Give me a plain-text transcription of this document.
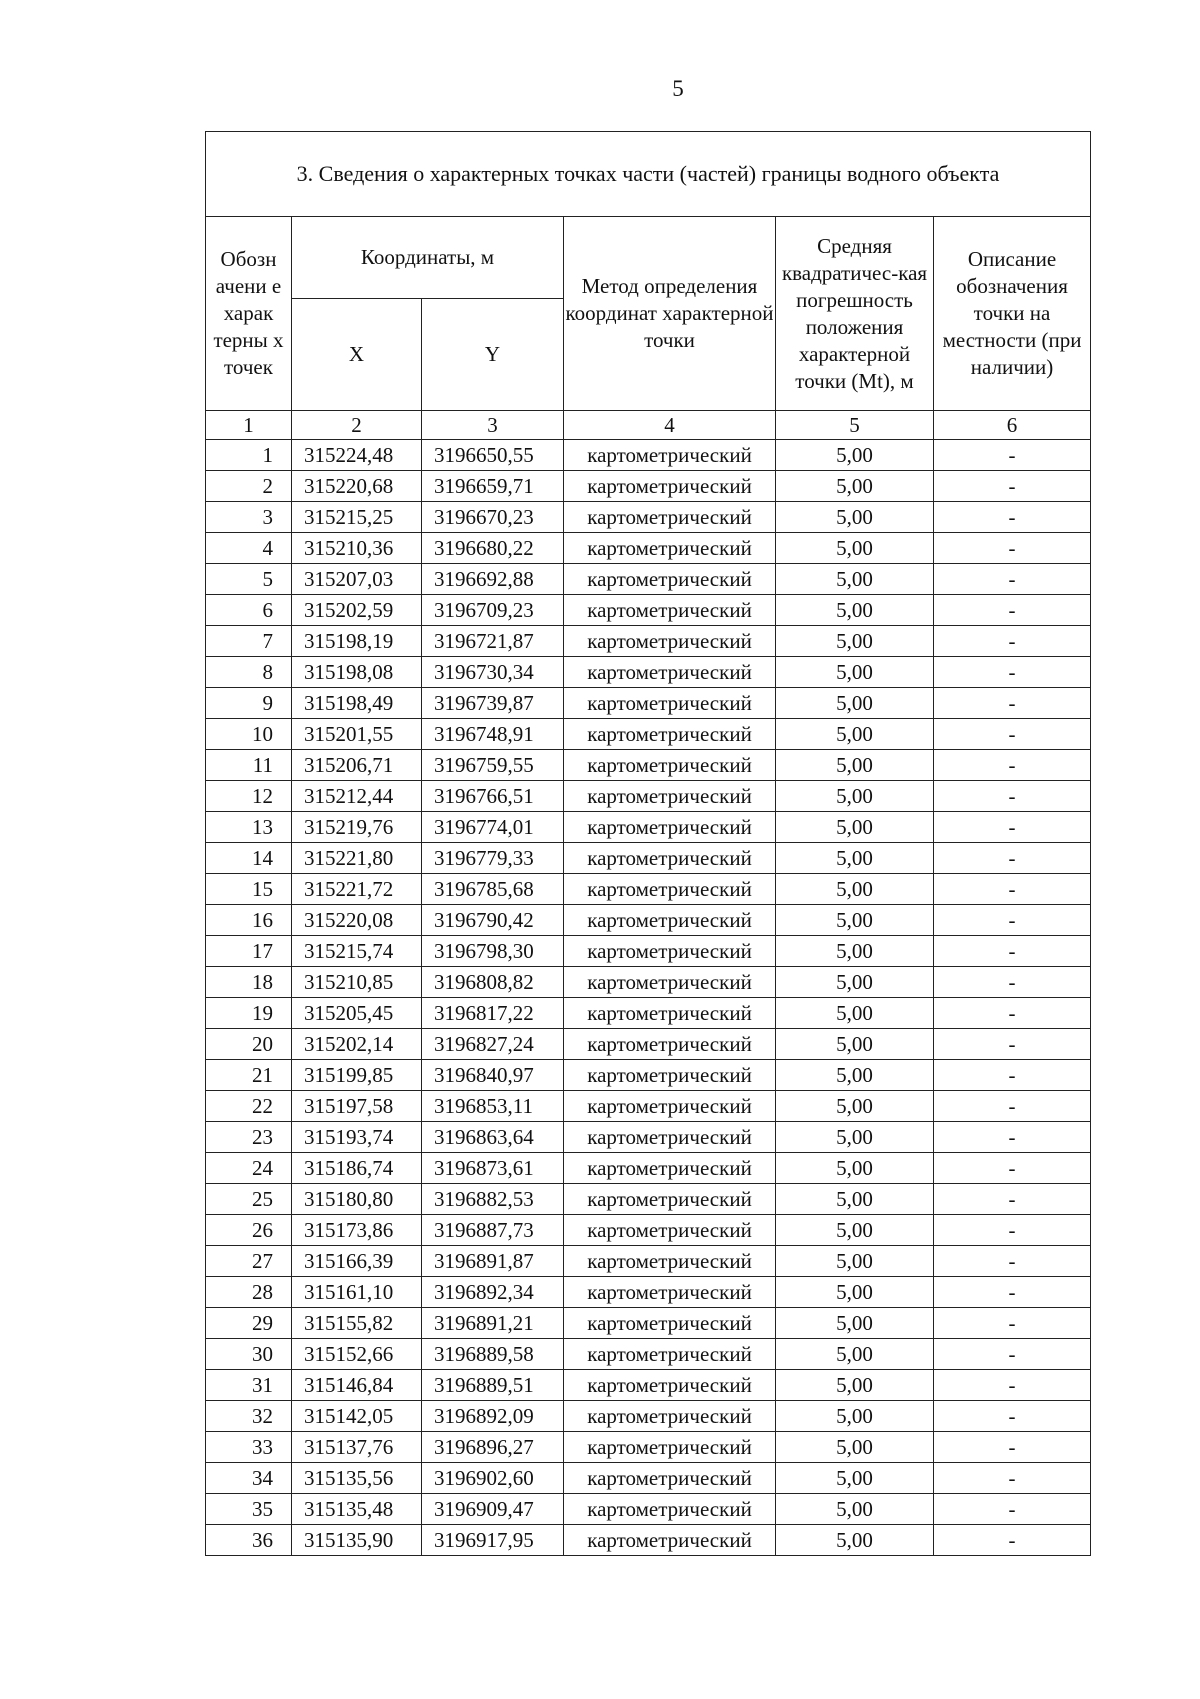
5
3. Сведения о характерных точках части (частей) границы водного объекта					
Обозн ачени е харак терны х точек	Координаты, м		Метод определения координат характерной точки	Средняя квадратичес-кая погрешность положения характерной точки (Mt), м	Описание обозначения точки на местности (при наличии)
	X	Y			
1	2	3	4	5	6
1	315224,48	3196650,55	картометрический	5,00	-
2	315220,68	3196659,71	картометрический	5,00	-
3	315215,25	3196670,23	картометрический	5,00	-
4	315210,36	3196680,22	картометрический	5,00	-
5	315207,03	3196692,88	картометрический	5,00	-
6	315202,59	3196709,23	картометрический	5,00	-
7	315198,19	3196721,87	картометрический	5,00	-
8	315198,08	3196730,34	картометрический	5,00	-
9	315198,49	3196739,87	картометрический	5,00	-
10	315201,55	3196748,91	картометрический	5,00	-
11	315206,71	3196759,55	картометрический	5,00	-
12	315212,44	3196766,51	картометрический	5,00	-
13	315219,76	3196774,01	картометрический	5,00	-
14	315221,80	3196779,33	картометрический	5,00	-
15	315221,72	3196785,68	картометрический	5,00	-
16	315220,08	3196790,42	картометрический	5,00	-
17	315215,74	3196798,30	картометрический	5,00	-
18	315210,85	3196808,82	картометрический	5,00	-
19	315205,45	3196817,22	картометрический	5,00	-
20	315202,14	3196827,24	картометрический	5,00	-
21	315199,85	3196840,97	картометрический	5,00	-
22	315197,58	3196853,11	картометрический	5,00	-
23	315193,74	3196863,64	картометрический	5,00	-
24	315186,74	3196873,61	картометрический	5,00	-
25	315180,80	3196882,53	картометрический	5,00	-
26	315173,86	3196887,73	картометрический	5,00	-
27	315166,39	3196891,87	картометрический	5,00	-
28	315161,10	3196892,34	картометрический	5,00	-
29	315155,82	3196891,21	картометрический	5,00	-
30	315152,66	3196889,58	картометрический	5,00	-
31	315146,84	3196889,51	картометрический	5,00	-
32	315142,05	3196892,09	картометрический	5,00	-
33	315137,76	3196896,27	картометрический	5,00	-
34	315135,56	3196902,60	картометрический	5,00	-
35	315135,48	3196909,47	картометрический	5,00	-
36	315135,90	3196917,95	картометрический	5,00	-
